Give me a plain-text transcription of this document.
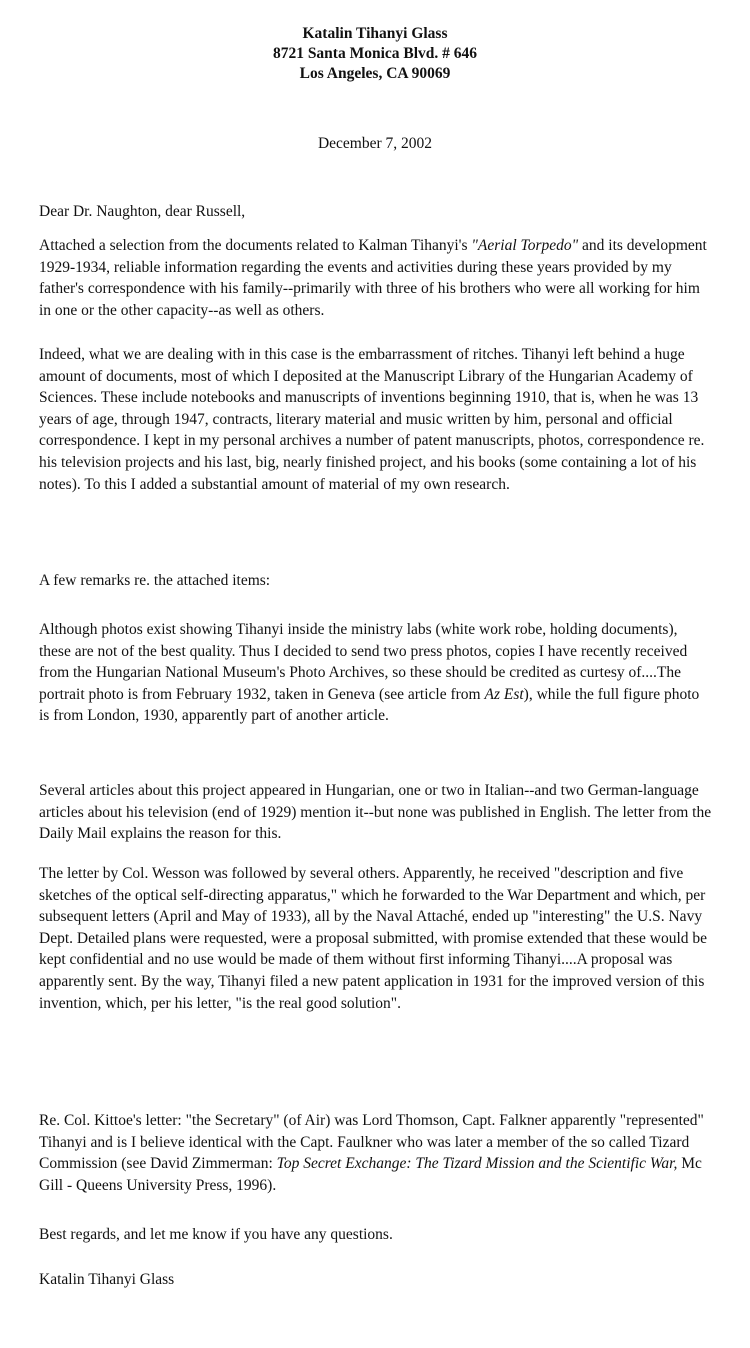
Katalin Tihanyi Glass
8721 Santa Monica Blvd. # 646
Los Angeles, CA 90069
December 7, 2002

Dear Dr. Naughton, dear Russell,

Attached a selection from the documents related to Kalman Tihanyi's "Aerial Torpedo" and its development 1929-1934, reliable information regarding the events and activities during these years provided by my father's correspondence with his family--primarily with three of his brothers who were all working for him in one or the other capacity--as well as others.

Indeed, what we are dealing with in this case is the embarrassment of ritches. Tihanyi left behind a huge amount of documents, most of which I deposited at the Manuscript Library of the Hungarian Academy of Sciences. These include notebooks and manuscripts of inventions beginning 1910, that is, when he was 13 years of age, through 1947, contracts, literary material and music written by him, personal and official correspondence. I kept in my personal archives a number of patent manuscripts, photos, correspondence re. his television projects and his last, big, nearly finished project, and his books (some containing a lot of his notes). To this I added a substantial amount of material of my own research.

A few remarks re. the attached items:

Although photos exist showing Tihanyi inside the ministry labs (white work robe, holding documents), these are not of the best quality. Thus I decided to send two press photos, copies I have recently received from the Hungarian National Museum's Photo Archives, so these should be credited as curtesy of....The portrait photo is from February 1932, taken in Geneva (see article from Az Est), while the full figure photo is from London, 1930, apparently part of another article.

Several articles about this project appeared in Hungarian, one or two in Italian--and two German-language articles about his television (end of 1929) mention it--but none was published in English. The letter from the Daily Mail explains the reason for this.

The letter by Col. Wesson was followed by several others. Apparently, he received "description and five sketches of the optical self-directing apparatus," which he forwarded to the War Department and which, per subsequent letters (April and May of 1933), all by the Naval Attaché, ended up "interesting" the U.S. Navy Dept. Detailed plans were requested, were a proposal submitted, with promise extended that these would be kept confidential and no use would be made of them without first informing Tihanyi....A proposal was apparently sent. By the way, Tihanyi filed a new patent application in 1931 for the improved version of this invention, which, per his letter, "is the real good solution".

Re. Col. Kittoe's letter: "the Secretary" (of Air) was Lord Thomson, Capt. Falkner apparently "represented" Tihanyi and is I believe identical with the Capt. Faulkner who was later a member of the so called Tizard Commission (see David Zimmerman: Top Secret Exchange: The Tizard Mission and the Scientific War, Mc Gill - Queens University Press, 1996).

Best regards, and let me know if you have any questions.

Katalin Tihanyi Glass
